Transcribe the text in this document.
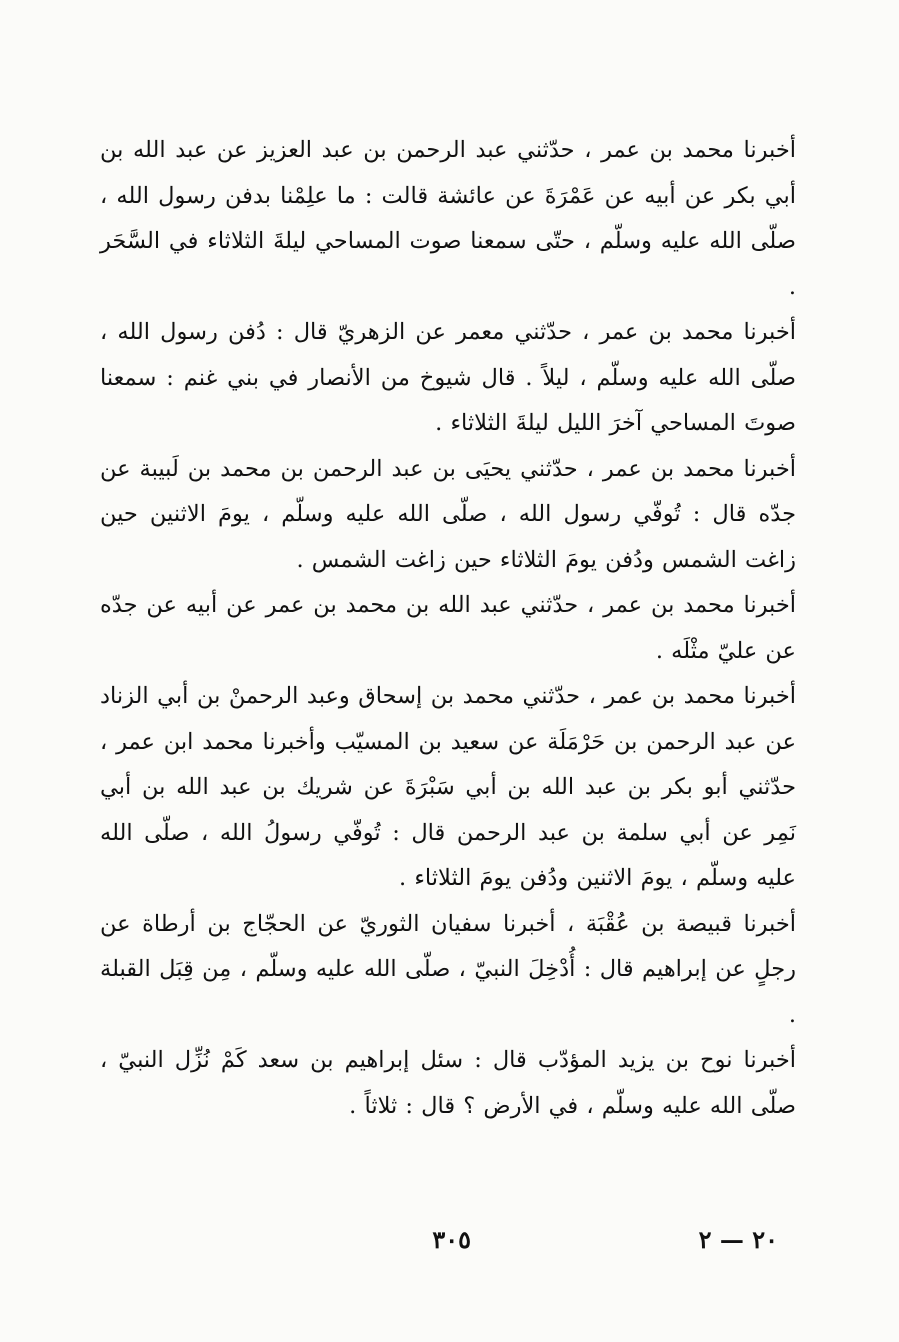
أخبرنا محمد بن عمر ، حدّثني عبد الرحمن بن عبد العزيز عن عبد الله بن أبي بكر عن أبيه عن عَمْرَةَ عن عائشة قالت : ما علِمْنا بدفن رسول الله ، صلّى الله عليه وسلّم ، حتّى سمعنا صوت المساحي ليلةَ الثلاثاء في السَّحَر .

أخبرنا محمد بن عمر ، حدّثني معمر عن الزهريّ قال : دُفن رسول الله ، صلّى الله عليه وسلّم ، ليلاً . قال شيوخ من الأنصار في بني غنم : سمعنا صوتَ المساحي آخرَ الليل ليلةَ الثلاثاء .

أخبرنا محمد بن عمر ، حدّثني يحيَى بن عبد الرحمن بن محمد بن لَبيبة عن جدّه قال : تُوفّي رسول الله ، صلّى الله عليه وسلّم ، يومَ الاثنين حين زاغت الشمس ودُفن يومَ الثلاثاء حين زاغت الشمس .

أخبرنا محمد بن عمر ، حدّثني عبد الله بن محمد بن عمر عن أبيه عن جدّه عن عليّ مثْلَه .

أخبرنا محمد بن عمر ، حدّثني محمد بن إسحاق وعبد الرحمنْ بن أبي الزناد عن عبد الرحمن بن حَرْمَلَة عن سعيد بن المسيّب وأخبرنا محمد ابن عمر ، حدّثني أبو بكر بن عبد الله بن أبي سَبْرَةَ عن شريك بن عبد الله بن أبي نَمِر عن أبي سلمة بن عبد الرحمن قال : تُوفّي رسولُ الله ، صلّى الله عليه وسلّم ، يومَ الاثنين ودُفن يومَ الثلاثاء .

أخبرنا قبيصة بن عُقْبَة ، أخبرنا سفيان الثوريّ عن الحجّاج بن أرطاة عن رجلٍ عن إبراهيم قال : أُدْخِلَ النبيّ ، صلّى الله عليه وسلّم ، مِن قِبَل القبلة .

أخبرنا نوح بن يزيد المؤدّب قال : سئل إبراهيم بن سعد كَمْ نُزِّل النبيّ ، صلّى الله عليه وسلّم ، في الأرض ؟ قال : ثلاثاً .

٢٠ — ٢
٣٠٥
